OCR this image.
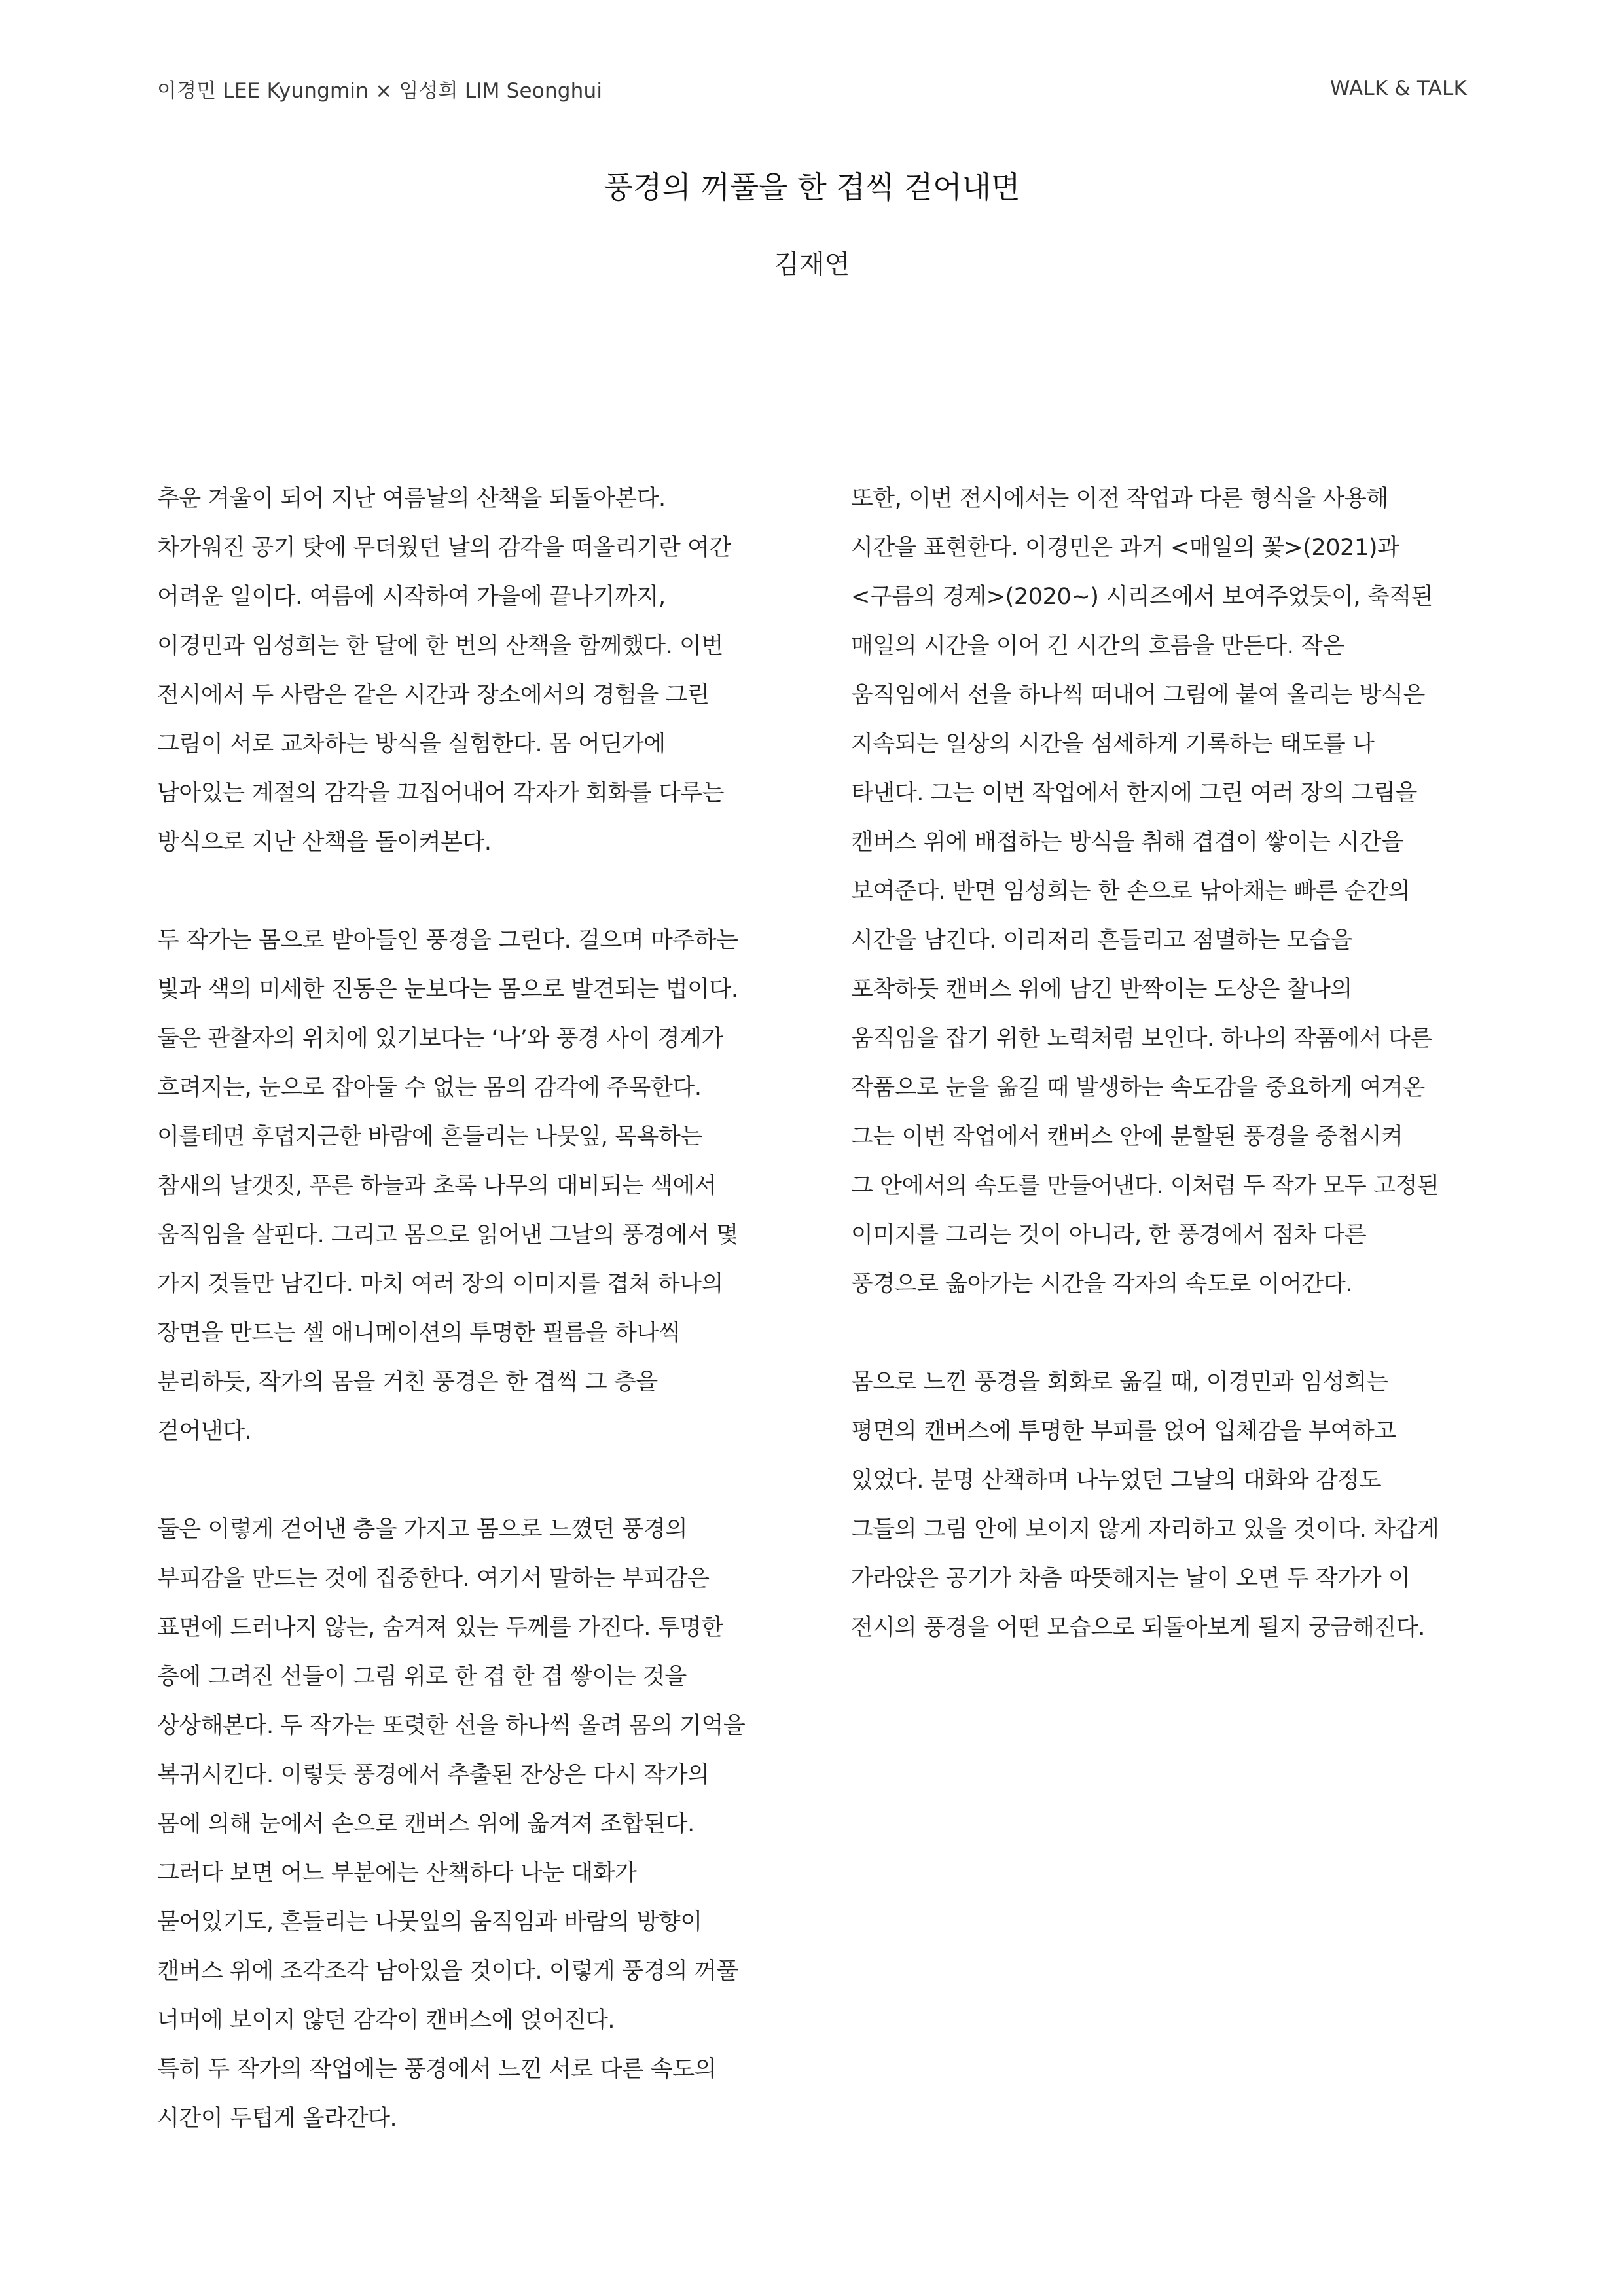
이경민 LEE Kyungmin × 임성희 LIM Seonghui	WALK & TALK
풍경의 꺼풀을 한 겹씩 걷어내면
김재연

추운 겨울이 되어 지난 여름날의 산책을 되돌아본다.
차가워진 공기 탓에 무더웠던 날의 감각을 떠올리기란 여간
어려운 일이다. 여름에 시작하여 가을에 끝나기까지,
이경민과 임성희는 한 달에 한 번의 산책을 함께했다. 이번
전시에서 두 사람은 같은 시간과 장소에서의 경험을 그린
그림이 서로 교차하는 방식을 실험한다. 몸 어딘가에
남아있는 계절의 감각을 끄집어내어 각자가 회화를 다루는
방식으로 지난 산책을 돌이켜본다.

두 작가는 몸으로 받아들인 풍경을 그린다. 걸으며 마주하는
빛과 색의 미세한 진동은 눈보다는 몸으로 발견되는 법이다.
둘은 관찰자의 위치에 있기보다는 ‘나’와 풍경 사이 경계가
흐려지는, 눈으로 잡아둘 수 없는 몸의 감각에 주목한다.
이를테면 후덥지근한 바람에 흔들리는 나뭇잎, 목욕하는
참새의 날갯짓, 푸른 하늘과 초록 나무의 대비되는 색에서
움직임을 살핀다. 그리고 몸으로 읽어낸 그날의 풍경에서 몇
가지 것들만 남긴다. 마치 여러 장의 이미지를 겹쳐 하나의
장면을 만드는 셀 애니메이션의 투명한 필름을 하나씩
분리하듯, 작가의 몸을 거친 풍경은 한 겹씩 그 층을
걷어낸다.

둘은 이렇게 걷어낸 층을 가지고 몸으로 느꼈던 풍경의
부피감을 만드는 것에 집중한다. 여기서 말하는 부피감은
표면에 드러나지 않는, 숨겨져 있는 두께를 가진다. 투명한
층에 그려진 선들이 그림 위로 한 겹 한 겹 쌓이는 것을
상상해본다. 두 작가는 또렷한 선을 하나씩 올려 몸의 기억을
복귀시킨다. 이렇듯 풍경에서 추출된 잔상은 다시 작가의
몸에 의해 눈에서 손으로 캔버스 위에 옮겨져 조합된다.
그러다 보면 어느 부분에는 산책하다 나눈 대화가
묻어있기도, 흔들리는 나뭇잎의 움직임과 바람의 방향이
캔버스 위에 조각조각 남아있을 것이다. 이렇게 풍경의 꺼풀
너머에 보이지 않던 감각이 캔버스에 얹어진다.
특히 두 작가의 작업에는 풍경에서 느낀 서로 다른 속도의
시간이 두텁게 올라간다.

또한, 이번 전시에서는 이전 작업과 다른 형식을 사용해
시간을 표현한다. 이경민은 과거 <매일의 꽃>(2021)과
<구름의 경계>(2020~) 시리즈에서 보여주었듯이, 축적된
매일의 시간을 이어 긴 시간의 흐름을 만든다. 작은
움직임에서 선을 하나씩 떠내어 그림에 붙여 올리는 방식은
지속되는 일상의 시간을 섬세하게 기록하는 태도를 나
타낸다. 그는 이번 작업에서 한지에 그린 여러 장의 그림을
캔버스 위에 배접하는 방식을 취해 겹겹이 쌓이는 시간을
보여준다. 반면 임성희는 한 손으로 낚아채는 빠른 순간의
시간을 남긴다. 이리저리 흔들리고 점멸하는 모습을
포착하듯 캔버스 위에 남긴 반짝이는 도상은 찰나의
움직임을 잡기 위한 노력처럼 보인다. 하나의 작품에서 다른
작품으로 눈을 옮길 때 발생하는 속도감을 중요하게 여겨온
그는 이번 작업에서 캔버스 안에 분할된 풍경을 중첩시켜
그 안에서의 속도를 만들어낸다. 이처럼 두 작가 모두 고정된
이미지를 그리는 것이 아니라, 한 풍경에서 점차 다른
풍경으로 옮아가는 시간을 각자의 속도로 이어간다.

몸으로 느낀 풍경을 회화로 옮길 때, 이경민과 임성희는
평면의 캔버스에 투명한 부피를 얹어 입체감을 부여하고
있었다. 분명 산책하며 나누었던 그날의 대화와 감정도
그들의 그림 안에 보이지 않게 자리하고 있을 것이다. 차갑게
가라앉은 공기가 차츰 따뜻해지는 날이 오면 두 작가가 이
전시의 풍경을 어떤 모습으로 되돌아보게 될지 궁금해진다.
